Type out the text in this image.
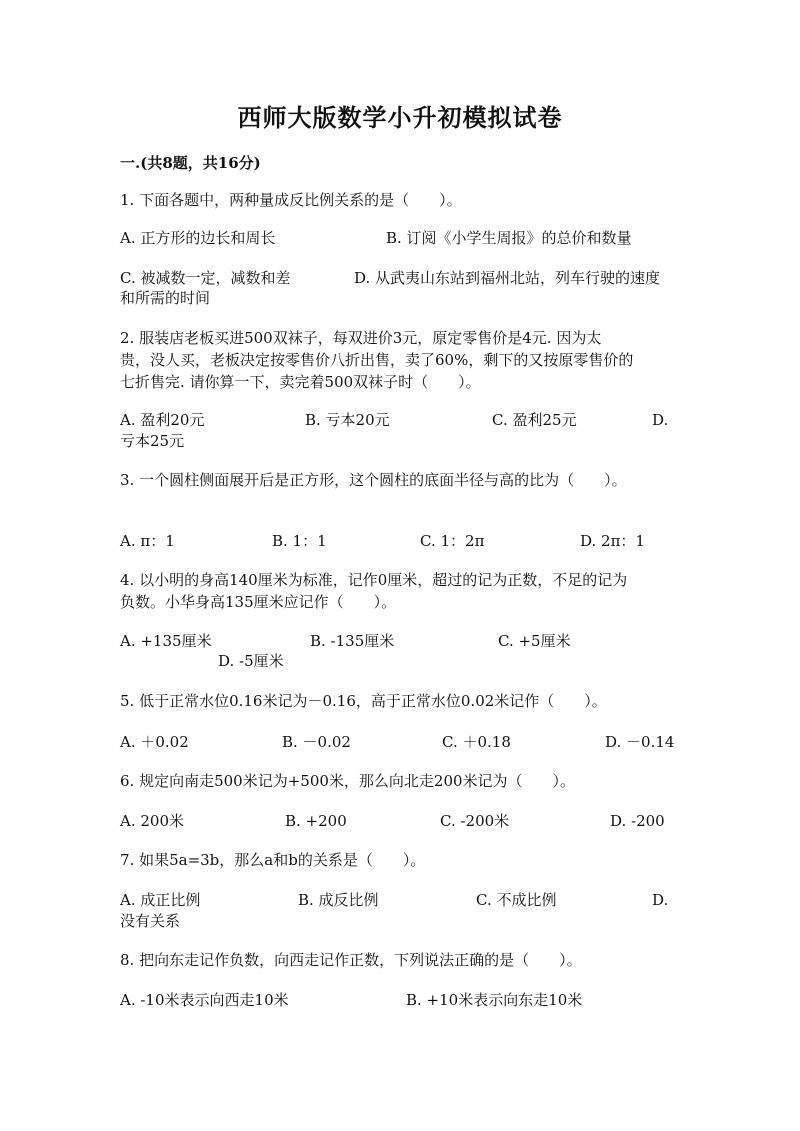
西师大版数学小升初模拟试卷
一.(共8题，共16分)
1. 下面各题中，两种量成反比例关系的是（　　）。
A. 正方形的边长和周长	B. 订阅《小学生周报》的总价和数量
C. 被减数一定，减数和差	D. 从武夷山东站到福州北站，列车行驶的速度
和所需的时间
2. 服装店老板买进500双袜子，每双进价3元，原定零售价是4元. 因为太
贵，没人买，老板决定按零售价八折出售，卖了60%，剩下的又按原零售价的
七折售完. 请你算一下，卖完着500双袜子时（　　）。
A. 盈利20元	B. 亏本20元	C. 盈利25元	D.
亏本25元
3. 一个圆柱侧面展开后是正方形，这个圆柱的底面半径与高的比为（　　）。
A. π：1	B. 1：1	C. 1：2π	D. 2π：1
4. 以小明的身高140厘米为标准，记作0厘米，超过的记为正数，不足的记为
负数。小华身高135厘米应记作（　　）。
A. +135厘米	B. -135厘米	C. +5厘米
D. -5厘米
5. 低于正常水位0.16米记为－0.16，高于正常水位0.02米记作（　　）。
A. ＋0.02	B. －0.02	C. ＋0.18	D. －0.14
6. 规定向南走500米记为+500米，那么向北走200米记为（　　）。
A. 200米	B. +200	C. -200米	D. -200
7. 如果5a=3b，那么a和b的关系是（　　）。
A. 成正比例	B. 成反比例	C. 不成比例	D.
没有关系
8. 把向东走记作负数，向西走记作正数，下列说法正确的是（　　）。
A. -10米表示向西走10米	B. +10米表示向东走10米
